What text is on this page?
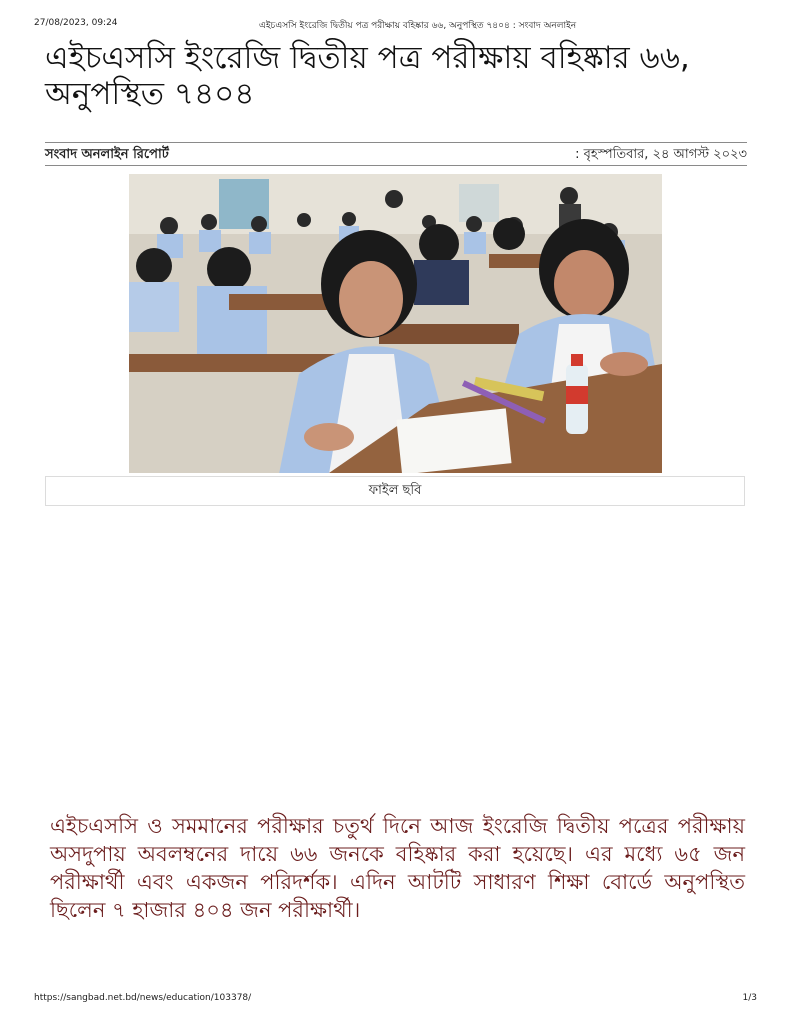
27/08/2023, 09:24	এইচএসসি ইংরেজি দ্বিতীয় পত্র পরীক্ষায় বহিষ্কার ৬৬, অনুপস্থিত ৭৪০৪ : সংবাদ অনলাইন
এইচএসসি ইংরেজি দ্বিতীয় পত্র পরীক্ষায় বহিষ্কার ৬৬, অনুপস্থিত ৭৪০৪
সংবাদ অনলাইন রিপোর্ট	: বৃহস্পতিবার, ২৪ আগস্ট ২০২৩
ফাইল ছবি

এইচএসসি ও সমমানের পরীক্ষার চতুর্থ দিনে আজ ইংরেজি দ্বিতীয় পত্রের পরীক্ষায় অসদুপায় অবলম্বনের দায়ে ৬৬ জনকে বহিষ্কার করা হয়েছে। এর মধ্যে ৬৫ জন পরীক্ষার্থী এবং একজন পরিদর্শক। এদিন আটটি সাধারণ শিক্ষা বোর্ডে অনুপস্থিত ছিলেন ৭ হাজার ৪০৪ জন পরীক্ষার্থী।

https://sangbad.net.bd/news/education/103378/	1/3
